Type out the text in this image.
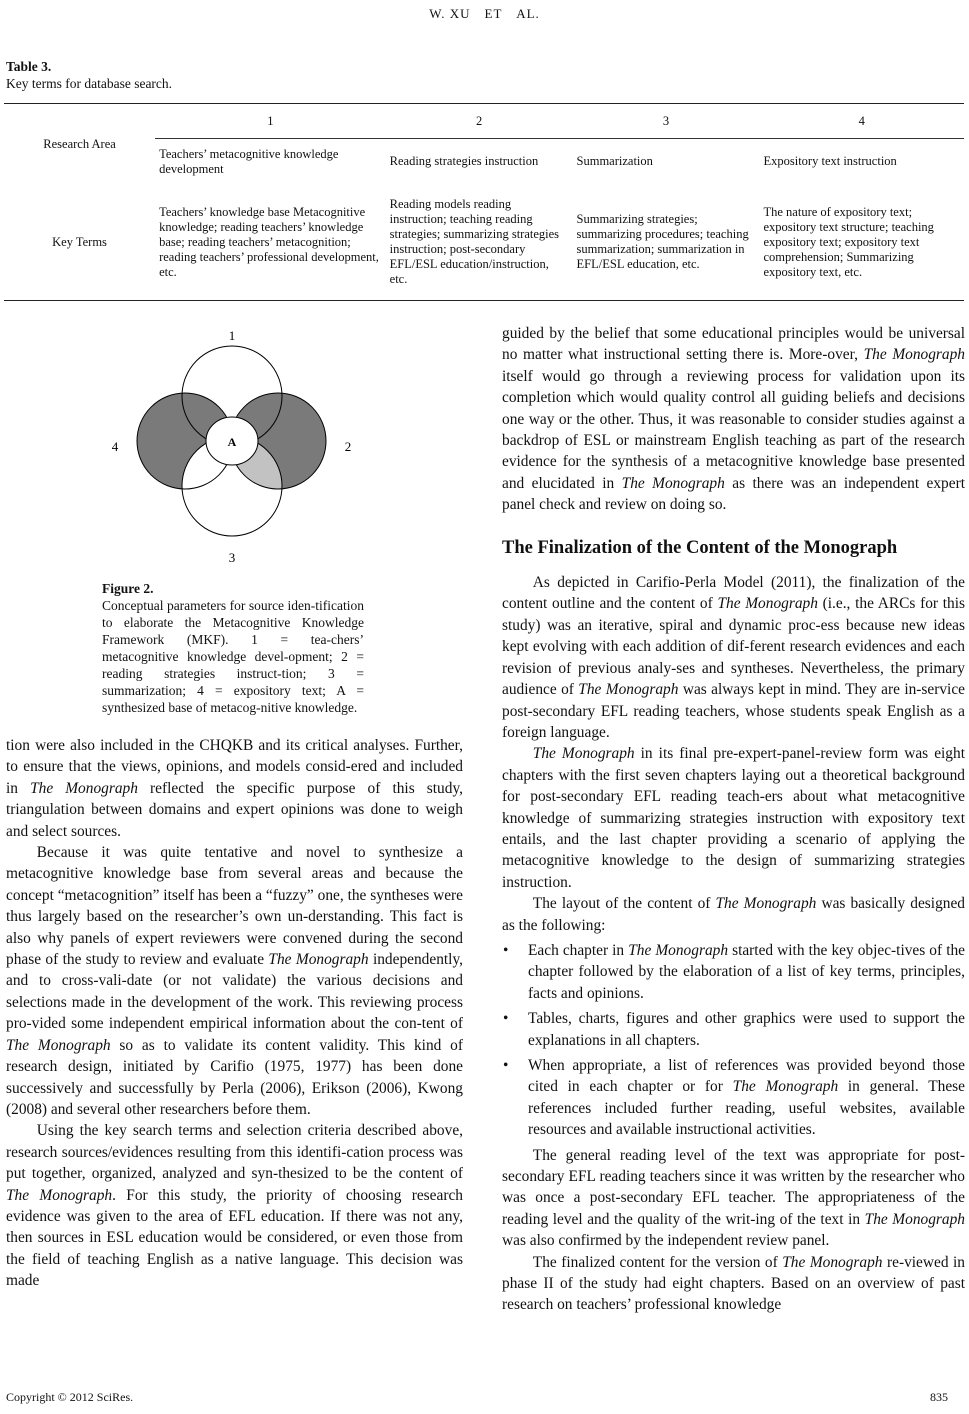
W. XU　ET　AL.
Table 3.
Key terms for database search.
Research Area	1	2	3	4
	Teachers’ metacognitive knowledge development	Reading strategies instruction	Summarization	Expository text instruction
Key Terms	Teachers’ knowledge base Metacognitive knowledge; reading teachers’ knowledge base; reading teachers’ metacognition; reading teachers’ professional development, etc.	Reading models reading instruction; teaching reading strategies; summarizing strategies instruction; post-secondary EFL/ESL education/instruction, etc.	Summarizing strategies; summarizing procedures; teaching summarization; summarization in EFL/ESL education, etc.	The nature of expository text; expository text structure; teaching expository text; expository text comprehension; Summarizing expository text, etc.
1
2
3
4	A
Figure 2.
Conceptual parameters for source iden-tification to elaborate the Metacognitive Knowledge Framework (MKF). 1 = tea-chers’ metacognitive knowledge devel-opment; 2 = reading strategies instruct-tion; 3 = summarization; 4 = expository text; A = synthesized base of metacog-nitive knowledge.

tion were also included in the CHQKB and its critical analyses. Further, to ensure that the views, opinions, and models consid-ered and included in The Monograph reflected the specific purpose of this study, triangulation between domains and expert opinions was done to weigh and select sources.

Because it was quite tentative and novel to synthesize a metacognitive knowledge base from several areas and because the concept “metacognition” itself has been a “fuzzy” one, the syntheses were thus largely based on the researcher’s own un-derstanding. This fact is also why panels of expert reviewers were convened during the second phase of the study to review and evaluate The Monograph independently, and to cross-vali-date (or not validate) the various decisions and selections made in the development of the work. This reviewing process pro-vided some independent empirical information about the con-tent of The Monograph so as to validate its content validity. This kind of research design, initiated by Carifio (1975, 1977) has been done successively and successfully by Perla (2006), Erikson (2006), Kwong (2008) and several other researchers before them.

Using the key search terms and selection criteria described above, research sources/evidences resulting from this identifi-cation process was put together, organized, analyzed and syn-thesized to be the content of The Monograph. For this study, the priority of choosing research evidence was given to the area of EFL education. If there was not any, then sources in ESL education would be considered, or even those from the field of teaching English as a native language. This decision was made

guided by the belief that some educational principles would be universal no matter what instructional setting there is. More-over, The Monograph itself would go through a reviewing process for validation upon its completion which would quality control all guiding beliefs and decisions one way or the other. Thus, it was reasonable to consider studies against a backdrop of ESL or mainstream English teaching as part of the research evidence for the synthesis of a metacognitive knowledge base presented and elucidated in The Monograph as there was an independent expert panel check and review on doing so.

The Finalization of the Content of the Monograph

As depicted in Carifio-Perla Model (2011), the finalization of the content outline and the content of The Monograph (i.e., the ARCs for this study) was an iterative, spiral and dynamic proc-ess because new ideas kept evolving with each addition of dif-ferent research evidences and each revision of previous analy-ses and syntheses. Nevertheless, the primary audience of The Monograph was always kept in mind. They are in-service post-secondary EFL reading teachers, whose students speak English as a foreign language.

The Monograph in its final pre-expert-panel-review form was eight chapters with the first seven chapters laying out a theoretical background for post-secondary EFL reading teach-ers about what metacognitive knowledge of summarizing strategies instruction with expository text entails, and the last chapter providing a scenario of applying the metacognitive knowledge to the design of summarizing strategies instruction.

The layout of the content of The Monograph was basically designed as the following:

• Each chapter in The Monograph started with the key objec-tives of the chapter followed by the elaboration of a list of key terms, principles, facts and opinions.
• Tables, charts, figures and other graphics were used to support the explanations in all chapters.
• When appropriate, a list of references was provided beyond those cited in each chapter or for The Monograph in general. These references included further reading, useful websites, available resources and available instructional activities.

The general reading level of the text was appropriate for post-secondary EFL reading teachers since it was written by the researcher who was once a post-secondary EFL teacher. The appropriateness of the reading level and the quality of the writ-ing of the text in The Monograph was also confirmed by the independent review panel.

The finalized content for the version of The Monograph re-viewed in phase II of the study had eight chapters. Based on an overview of past research on teachers’ professional knowledge

Copyright © 2012 SciRes.	835
